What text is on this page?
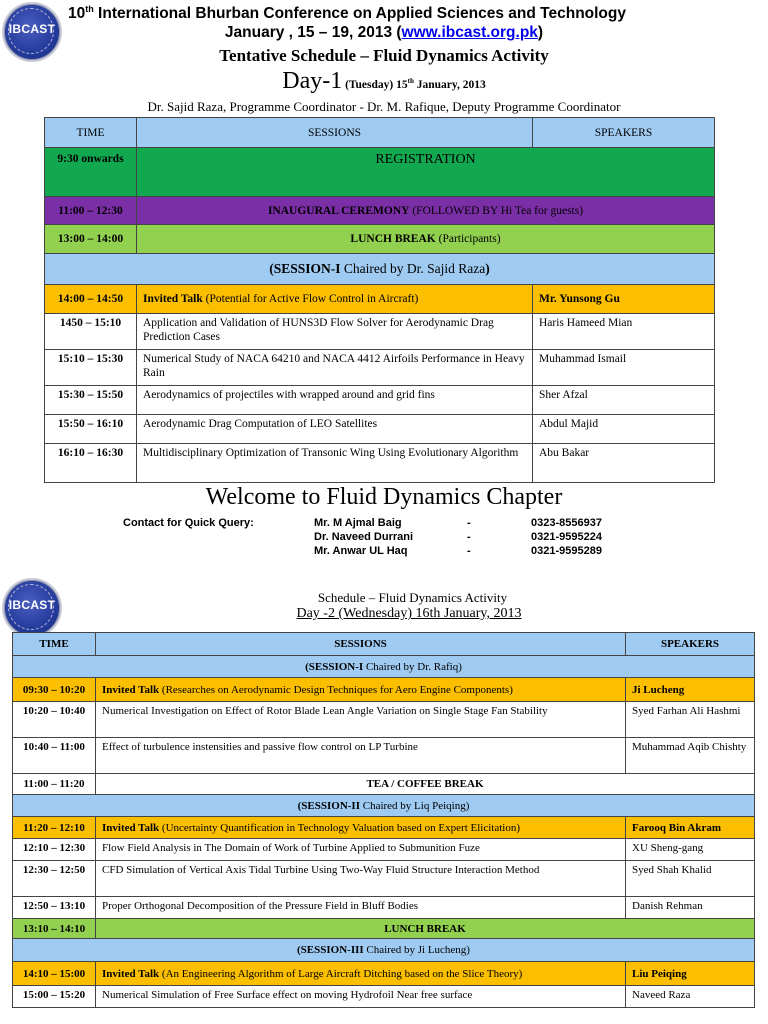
IBCAST
10th International Bhurban Conference on Applied Sciences and Technology
January , 15 – 19, 2013 (www.ibcast.org.pk)
Tentative Schedule – Fluid Dynamics Activity
Day-1 (Tuesday) 15th January, 2013
Dr. Sajid Raza, Programme Coordinator - Dr. M. Rafique, Deputy Programme Coordinator
TIME	SESSIONS	SPEAKERS
9:30 onwards	REGISTRATION	
11:00 – 12:30	INAUGURAL CEREMONY (FOLLOWED BY Hi Tea for guests)	
13:00 – 14:00	LUNCH BREAK (Participants)	
(SESSION-I Chaired by Dr. Sajid Raza)		
14:00 – 14:50	Invited Talk (Potential for Active Flow Control in Aircraft)	Mr. Yunsong Gu
1450 – 15:10	Application and Validation of HUNS3D Flow Solver for Aerodynamic Drag Prediction Cases	Haris Hameed Mian
15:10 – 15:30	Numerical Study of NACA 64210 and NACA 4412 Airfoils Performance in Heavy Rain	Muhammad Ismail
15:30 – 15:50	Aerodynamics of projectiles with wrapped around and grid fins	Sher Afzal
15:50 – 16:10	Aerodynamic Drag Computation of LEO Satellites	Abdul Majid
16:10 – 16:30	Multidisciplinary Optimization of Transonic Wing Using Evolutionary Algorithm	Abu Bakar
Welcome to Fluid Dynamics Chapter
Contact for Quick Query:	Mr. M Ajmal Baig	-	0323-8556937
	Dr. Naveed Durrani	-	0321-9595224
	Mr. Anwar UL Haq	-	0321-9595289
IBCAST	Schedule – Fluid Dynamics Activity
Day -2 (Wednesday) 16th January, 2013
TIME	SESSIONS	SPEAKERS
(SESSION-I Chaired by Dr. Rafiq)		
09:30 – 10:20	Invited Talk (Researches on Aerodynamic Design Techniques for Aero Engine Components)	Ji Lucheng
10:20 – 10:40	Numerical Investigation on Effect of Rotor Blade Lean Angle Variation on Single Stage Fan Stability	Syed Farhan Ali Hashmi
10:40 – 11:00	Effect of turbulence instensities and passive flow control on LP Turbine	Muhammad Aqib Chishty
11:00 – 11:20	TEA / COFFEE BREAK	
(SESSION-II Chaired by Liq Peiqing)		
11:20 – 12:10	Invited Talk (Uncertainty Quantification in Technology Valuation based on Expert Elicitation)	Farooq Bin Akram
12:10 – 12:30	Flow Field Analysis in The Domain of Work of Turbine Applied to Submunition Fuze	XU Sheng-gang
12:30 – 12:50	CFD Simulation of Vertical Axis Tidal Turbine Using Two-Way Fluid Structure Interaction Method	Syed Shah Khalid
12:50 – 13:10	Proper Orthogonal Decomposition of the Pressure Field in Bluff Bodies	Danish Rehman
13:10 – 14:10	LUNCH BREAK	
(SESSION-III Chaired by Ji Lucheng)		
14:10 – 15:00	Invited Talk (An Engineering Algorithm of Large Aircraft Ditching based on the Slice Theory)	Liu Peiqing
15:00 – 15:20	Numerical Simulation of Free Surface effect on moving Hydrofoil Near free surface	Naveed Raza
